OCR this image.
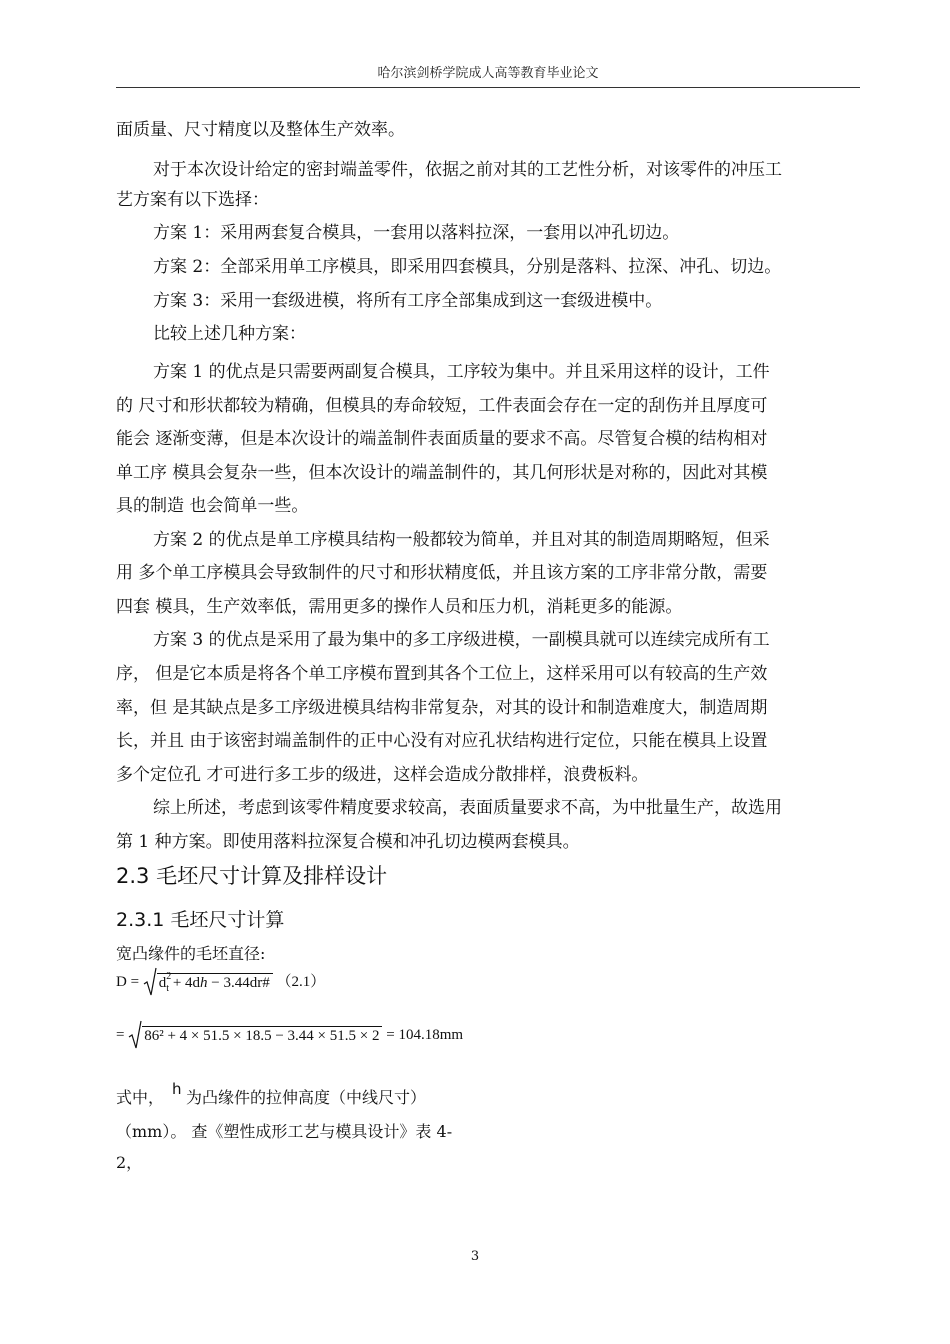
哈尔滨剑桥学院成人高等教育毕业论文
面质量、尺寸精度以及整体生产效率。
对于本次设计给定的密封端盖零件，依据之前对其的工艺性分析，对该零件的冲压工
艺方案有以下选择：
方案 1：采用两套复合模具，一套用以落料拉深，一套用以冲孔切边。
方案 2：全部采用单工序模具，即采用四套模具，分别是落料、拉深、冲孔、切边。
方案 3：采用一套级进模，将所有工序全部集成到这一套级进模中。
比较上述几种方案：
方案 1 的优点是只需要两副复合模具，工序较为集中。并且采用这样的设计，工件
的 尺寸和形状都较为精确，但模具的寿命较短，工件表面会存在一定的刮伤并且厚度可
能会 逐渐变薄，但是本次设计的端盖制件表面质量的要求不高。尽管复合模的结构相对
单工序 模具会复杂一些，但本次设计的端盖制件的，其几何形状是对称的，因此对其模
具的制造 也会简单一些。
方案 2 的优点是单工序模具结构一般都较为简单，并且对其的制造周期略短，但采
用 多个单工序模具会导致制件的尺寸和形状精度低，并且该方案的工序非常分散，需要
四套 模具，生产效率低，需用更多的操作人员和压力机，消耗更多的能源。
方案 3 的优点是采用了最为集中的多工序级进模，一副模具就可以连续完成所有工
序， 但是它本质是将各个单工序模布置到其各个工位上，这样采用可以有较高的生产效
率，但 是其缺点是多工序级进模具结构非常复杂，对其的设计和制造难度大，制造周期
长，并且 由于该密封端盖制件的正中心没有对应孔状结构进行定位，只能在模具上设置
多个定位孔 才可进行多工步的级进，这样会造成分散排样，浪费板料。
综上所述，考虑到该零件精度要求较高，表面质量要求不高，为中批量生产，故选用
第 1 种方案。即使用落料拉深复合模和冲孔切边模两套模具。
2.3 毛坯尺寸计算及排样设计
2.3.1 毛坯尺寸计算
宽凸缘件的毛坯直径:
D = d 2
t + 4dh − 3.44dr# （2.1）
= 86² + 4 × 51.5 × 18.5 − 3.44 × 51.5 × 2 = 104.18mm
式中， 为凸缘件的拉伸高度（中线尺寸）
h
（mm）。 查《塑性成形工艺与模具设计》表 4-
2，
3
